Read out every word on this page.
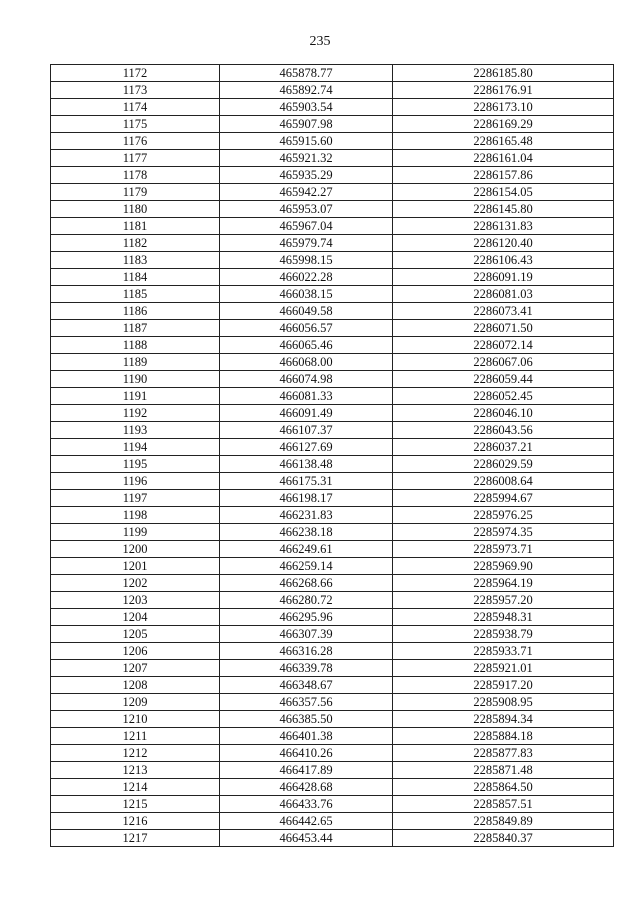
235
1172	465878.77	2286185.80
1173	465892.74	2286176.91
1174	465903.54	2286173.10
1175	465907.98	2286169.29
1176	465915.60	2286165.48
1177	465921.32	2286161.04
1178	465935.29	2286157.86
1179	465942.27	2286154.05
1180	465953.07	2286145.80
1181	465967.04	2286131.83
1182	465979.74	2286120.40
1183	465998.15	2286106.43
1184	466022.28	2286091.19
1185	466038.15	2286081.03
1186	466049.58	2286073.41
1187	466056.57	2286071.50
1188	466065.46	2286072.14
1189	466068.00	2286067.06
1190	466074.98	2286059.44
1191	466081.33	2286052.45
1192	466091.49	2286046.10
1193	466107.37	2286043.56
1194	466127.69	2286037.21
1195	466138.48	2286029.59
1196	466175.31	2286008.64
1197	466198.17	2285994.67
1198	466231.83	2285976.25
1199	466238.18	2285974.35
1200	466249.61	2285973.71
1201	466259.14	2285969.90
1202	466268.66	2285964.19
1203	466280.72	2285957.20
1204	466295.96	2285948.31
1205	466307.39	2285938.79
1206	466316.28	2285933.71
1207	466339.78	2285921.01
1208	466348.67	2285917.20
1209	466357.56	2285908.95
1210	466385.50	2285894.34
1211	466401.38	2285884.18
1212	466410.26	2285877.83
1213	466417.89	2285871.48
1214	466428.68	2285864.50
1215	466433.76	2285857.51
1216	466442.65	2285849.89
1217	466453.44	2285840.37
